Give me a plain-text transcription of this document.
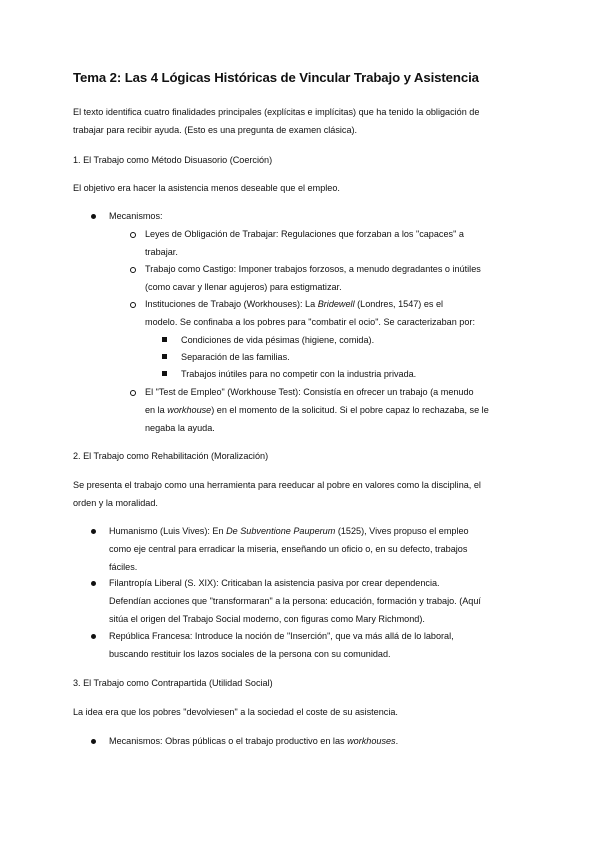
Tema 2: Las 4 Lógicas Históricas de Vincular Trabajo y Asistencia
El texto identifica cuatro finalidades principales (explícitas e implícitas) que ha tenido la obligación de
trabajar para recibir ayuda. (Esto es una pregunta de examen clásica).
1. El Trabajo como Método Disuasorio (Coerción)
El objetivo era hacer la asistencia menos deseable que el empleo.
Mecanismos:
Leyes de Obligación de Trabajar: Regulaciones que forzaban a los "capaces" a
trabajar.
Trabajo como Castigo: Imponer trabajos forzosos, a menudo degradantes o inútiles
(como cavar y llenar agujeros) para estigmatizar.
Instituciones de Trabajo (Workhouses): La Bridewell (Londres, 1547) es el
modelo. Se confinaba a los pobres para "combatir el ocio". Se caracterizaban por:
Condiciones de vida pésimas (higiene, comida).
Separación de las familias.
Trabajos inútiles para no competir con la industria privada.
El "Test de Empleo" (Workhouse Test): Consistía en ofrecer un trabajo (a menudo
en la workhouse) en el momento de la solicitud. Si el pobre capaz lo rechazaba, se le
negaba la ayuda.
2. El Trabajo como Rehabilitación (Moralización)
Se presenta el trabajo como una herramienta para reeducar al pobre en valores como la disciplina, el
orden y la moralidad.
Humanismo (Luis Vives): En De Subventione Pauperum (1525), Vives propuso el empleo
como eje central para erradicar la miseria, enseñando un oficio o, en su defecto, trabajos
fáciles.
Filantropía Liberal (S. XIX): Criticaban la asistencia pasiva por crear dependencia.
Defendían acciones que "transformaran" a la persona: educación, formación y trabajo. (Aquí
sitúa el origen del Trabajo Social moderno, con figuras como Mary Richmond).
República Francesa: Introduce la noción de "Inserción", que va más allá de lo laboral,
buscando restituir los lazos sociales de la persona con su comunidad.
3. El Trabajo como Contrapartida (Utilidad Social)
La idea era que los pobres "devolviesen" a la sociedad el coste de su asistencia.
Mecanismos: Obras públicas o el trabajo productivo en las workhouses.
